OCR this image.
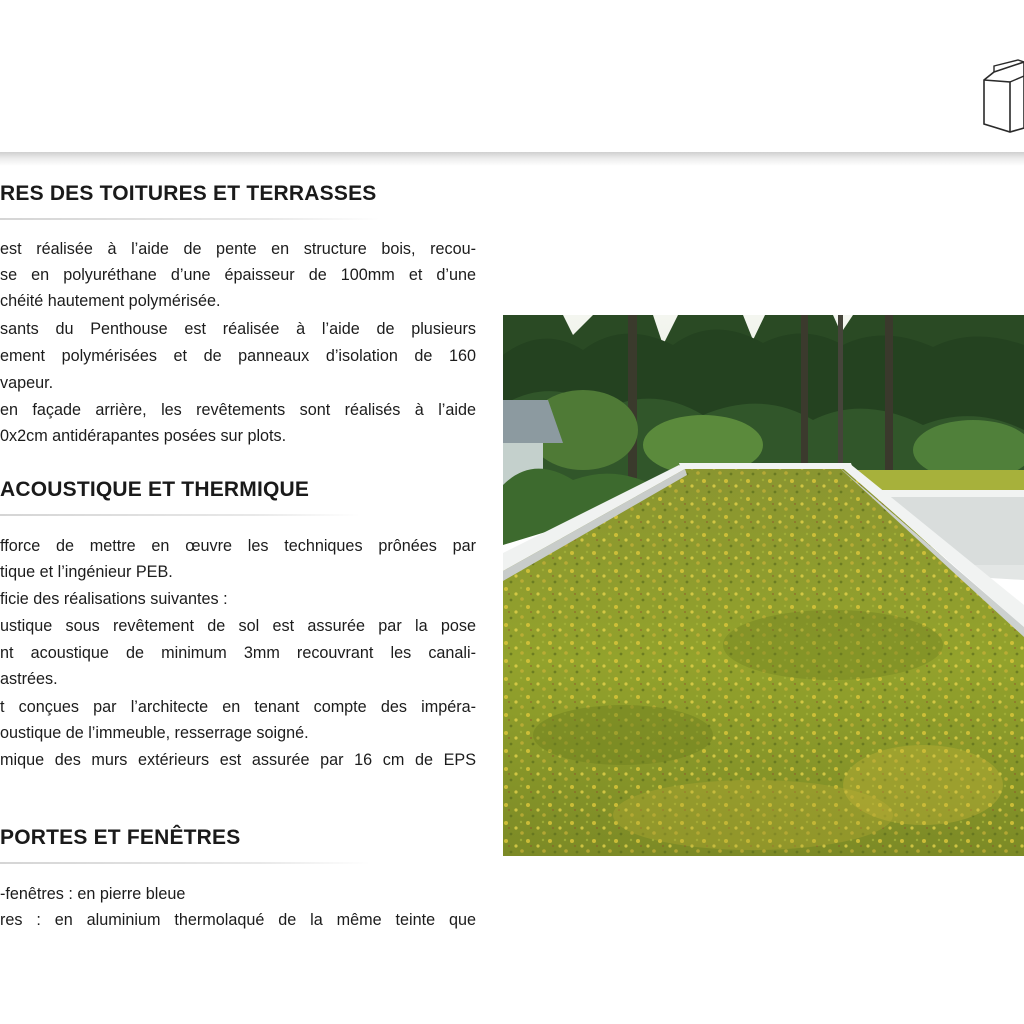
RES DES TOITURES ET TERRASSES

est réalisée à l’aide de pente en structure bois, recou-

se en polyuréthane d’une épaisseur de 100mm et d’une

chéité hautement polymérisée.

sants du Penthouse est réalisée à l’aide de plusieurs

ement polymérisées et de panneaux d’isolation de 160

vapeur.

en façade arrière, les revêtements sont réalisés à l’aide

0x2cm antidérapantes posées sur plots.

ACOUSTIQUE ET THERMIQUE

fforce de mettre en œuvre les techniques prônées par

tique et l’ingénieur PEB.

ficie des réalisations suivantes :

ustique sous revêtement de sol est assurée par la pose

nt acoustique de minimum 3mm recouvrant les canali-

astrées.

t conçues par l’architecte en tenant compte des impéra-

oustique de l’immeuble, resserrage soigné.

mique des murs extérieurs est assurée par 16 cm de EPS

PORTES ET FENÊTRES

-fenêtres : en pierre bleue

res : en aluminium thermolaqué de la même teinte que
